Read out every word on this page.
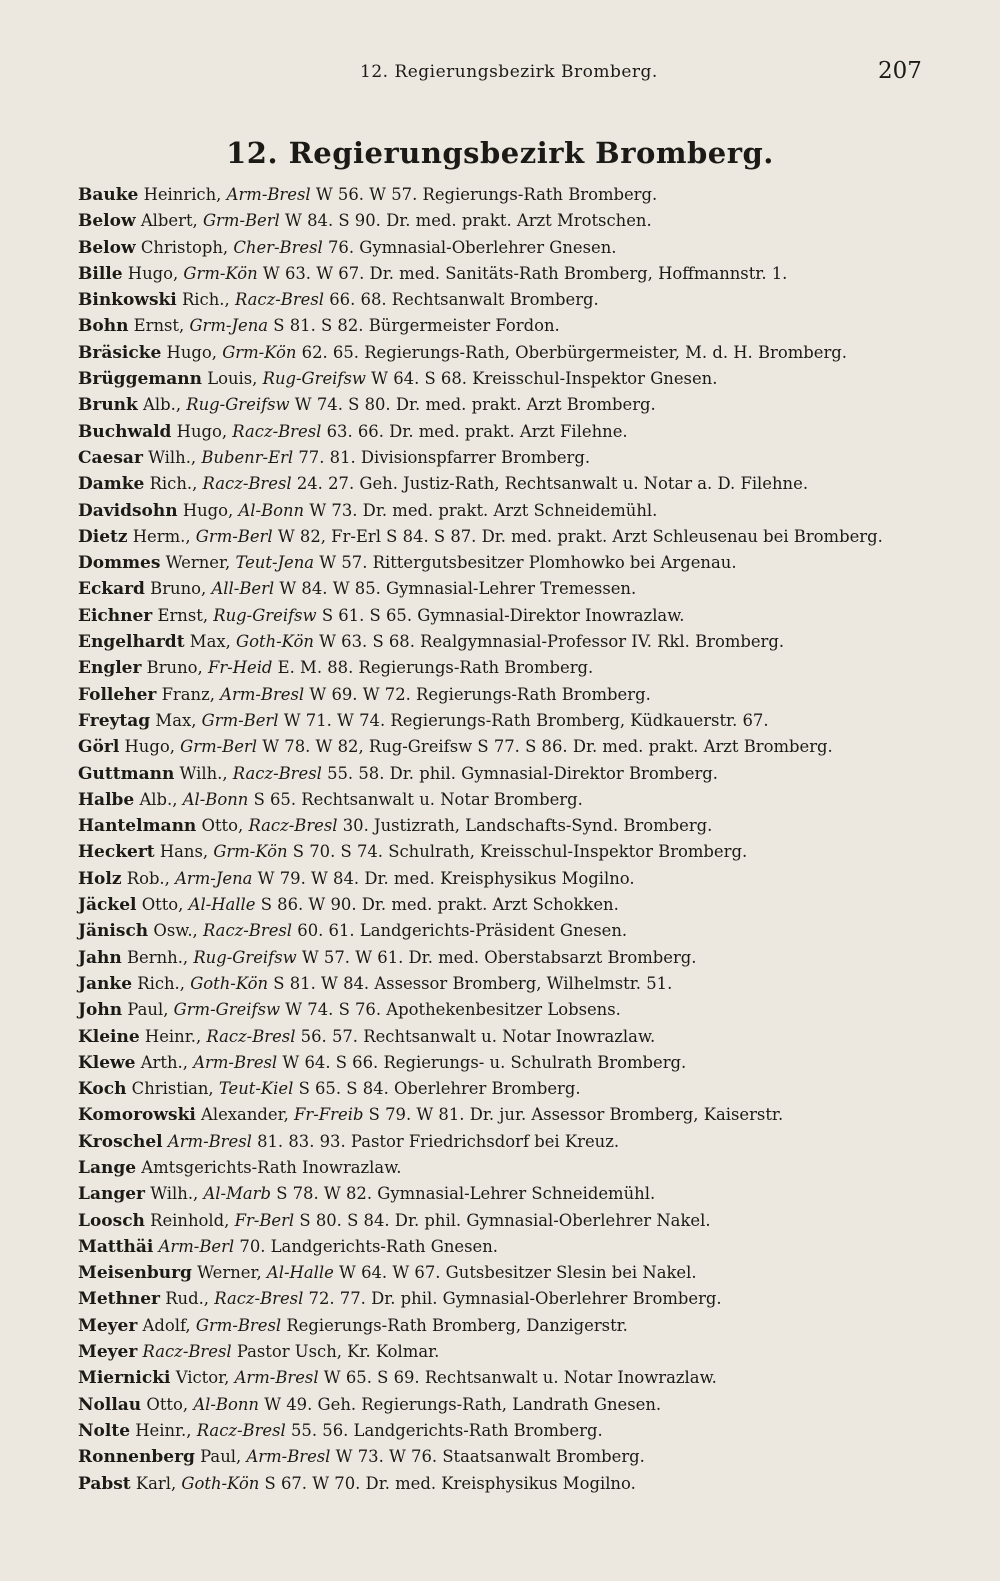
12. Regierungsbezirk Bromberg.	207
12. Regierungsbezirk Bromberg.
Bauke Heinrich, Arm-Bresl W 56. W 57. Regierungs-Rath Bromberg.
Below Albert, Grm-Berl W 84. S 90. Dr. med. prakt. Arzt Mrotschen.
Below Christoph, Cher-Bresl 76. Gymnasial-Oberlehrer Gnesen.
Bille Hugo, Grm-Kön W 63. W 67. Dr. med. Sanitäts-Rath Bromberg, Hoffmannstr. 1.
Binkowski Rich., Racz-Bresl 66. 68. Rechtsanwalt Bromberg.
Bohn Ernst, Grm-Jena S 81. S 82. Bürgermeister Fordon.
Bräsicke Hugo, Grm-Kön 62. 65. Regierungs-Rath, Oberbürgermeister, M. d. H. Bromberg.
Brüggemann Louis, Rug-Greifsw W 64. S 68. Kreisschul-Inspektor Gnesen.
Brunk Alb., Rug-Greifsw W 74. S 80. Dr. med. prakt. Arzt Bromberg.
Buchwald Hugo, Racz-Bresl 63. 66. Dr. med. prakt. Arzt Filehne.
Caesar Wilh., Bubenr-Erl 77. 81. Divisionspfarrer Bromberg.
Damke Rich., Racz-Bresl 24. 27. Geh. Justiz-Rath, Rechtsanwalt u. Notar a. D. Filehne.
Davidsohn Hugo, Al-Bonn W 73. Dr. med. prakt. Arzt Schneidemühl.
Dietz Herm., Grm-Berl W 82, Fr-Erl S 84. S 87. Dr. med. prakt. Arzt Schleusenau bei Bromberg.
Dommes Werner, Teut-Jena W 57. Rittergutsbesitzer Plomhowko bei Argenau.
Eckard Bruno, All-Berl W 84. W 85. Gymnasial-Lehrer Tremessen.
Eichner Ernst, Rug-Greifsw S 61. S 65. Gymnasial-Direktor Inowrazlaw.
Engelhardt Max, Goth-Kön W 63. S 68. Realgymnasial-Professor IV. Rkl. Bromberg.
Engler Bruno, Fr-Heid E. M. 88. Regierungs-Rath Bromberg.
Folleher Franz, Arm-Bresl W 69. W 72. Regierungs-Rath Bromberg.
Freytag Max, Grm-Berl W 71. W 74. Regierungs-Rath Bromberg, Küdkauerstr. 67.
Görl Hugo, Grm-Berl W 78. W 82, Rug-Greifsw S 77. S 86. Dr. med. prakt. Arzt Bromberg.
Guttmann Wilh., Racz-Bresl 55. 58. Dr. phil. Gymnasial-Direktor Bromberg.
Halbe Alb., Al-Bonn S 65. Rechtsanwalt u. Notar Bromberg.
Hantelmann Otto, Racz-Bresl 30. Justizrath, Landschafts-Synd. Bromberg.
Heckert Hans, Grm-Kön S 70. S 74. Schulrath, Kreisschul-Inspektor Bromberg.
Holz Rob., Arm-Jena W 79. W 84. Dr. med. Kreisphysikus Mogilno.
Jäckel Otto, Al-Halle S 86. W 90. Dr. med. prakt. Arzt Schokken.
Jänisch Osw., Racz-Bresl 60. 61. Landgerichts-Präsident Gnesen.
Jahn Bernh., Rug-Greifsw W 57. W 61. Dr. med. Oberstabsarzt Bromberg.
Janke Rich., Goth-Kön S 81. W 84. Assessor Bromberg, Wilhelmstr. 51.
John Paul, Grm-Greifsw W 74. S 76. Apothekenbesitzer Lobsens.
Kleine Heinr., Racz-Bresl 56. 57. Rechtsanwalt u. Notar Inowrazlaw.
Klewe Arth., Arm-Bresl W 64. S 66. Regierungs- u. Schulrath Bromberg.
Koch Christian, Teut-Kiel S 65. S 84. Oberlehrer Bromberg.
Komorowski Alexander, Fr-Freib S 79. W 81. Dr. jur. Assessor Bromberg, Kaiserstr.
Kroschel Arm-Bresl 81. 83. 93. Pastor Friedrichsdorf bei Kreuz.
Lange Amtsgerichts-Rath Inowrazlaw.
Langer Wilh., Al-Marb S 78. W 82. Gymnasial-Lehrer Schneidemühl.
Loosch Reinhold, Fr-Berl S 80. S 84. Dr. phil. Gymnasial-Oberlehrer Nakel.
Matthäi Arm-Berl 70. Landgerichts-Rath Gnesen.
Meisenburg Werner, Al-Halle W 64. W 67. Gutsbesitzer Slesin bei Nakel.
Methner Rud., Racz-Bresl 72. 77. Dr. phil. Gymnasial-Oberlehrer Bromberg.
Meyer Adolf, Grm-Bresl Regierungs-Rath Bromberg, Danzigerstr.
Meyer Racz-Bresl Pastor Usch, Kr. Kolmar.
Miernicki Victor, Arm-Bresl W 65. S 69. Rechtsanwalt u. Notar Inowrazlaw.
Nollau Otto, Al-Bonn W 49. Geh. Regierungs-Rath, Landrath Gnesen.
Nolte Heinr., Racz-Bresl 55. 56. Landgerichts-Rath Bromberg.
Ronnenberg Paul, Arm-Bresl W 73. W 76. Staatsanwalt Bromberg.
Pabst Karl, Goth-Kön S 67. W 70. Dr. med. Kreisphysikus Mogilno.
